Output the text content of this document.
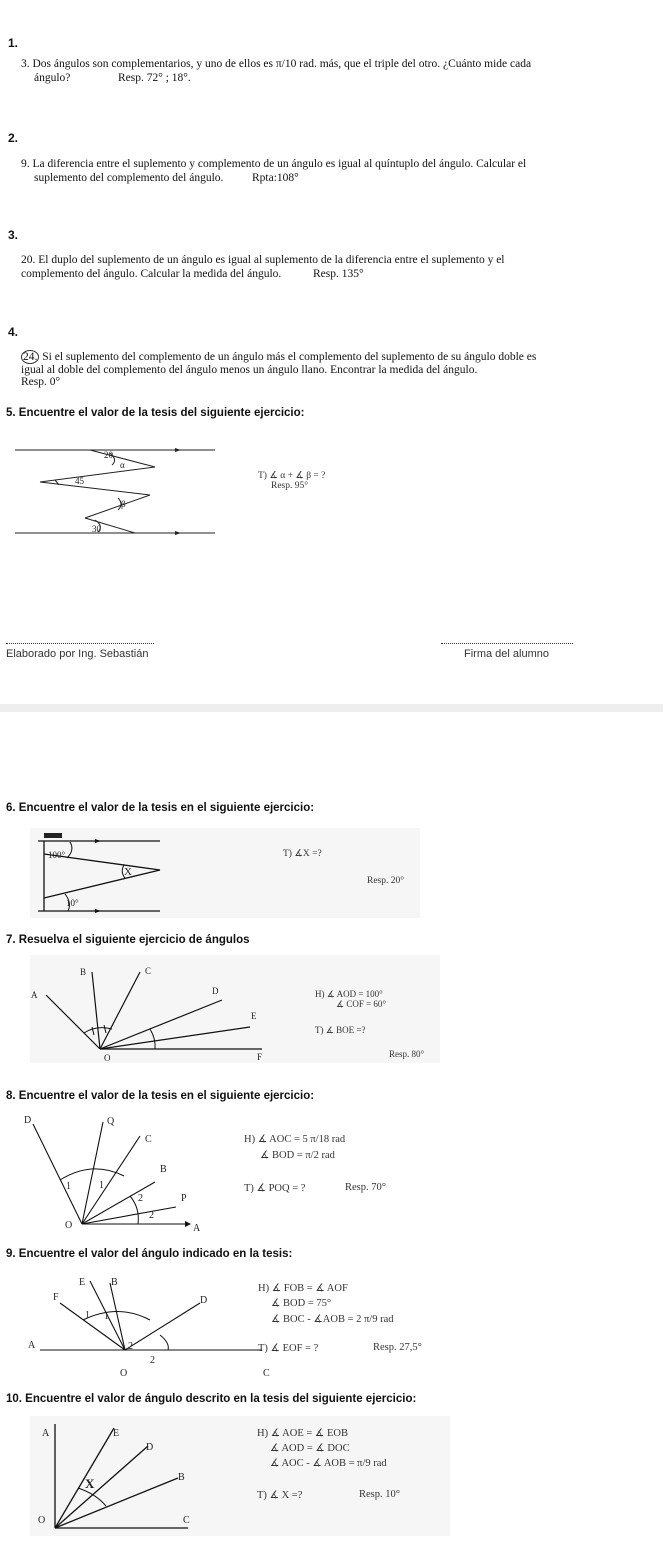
1.
3. Dos ángulos son complementarios, y uno de ellos es π/10 rad. más, que el triple del otro. ¿Cuánto mide cada
ángulo?	Resp. 72° ; 18°.
2.
9. La diferencia entre el suplemento y complemento de un ángulo es igual al quíntuplo del ángulo. Calcular el
suplemento del complemento del ángulo. Rpta:108°
3.
20. El duplo del suplemento de un ángulo es igual al suplemento de la diferencia entre el suplemento y el
complemento del ángulo. Calcular la medida del ángulo.	Resp. 135°
4.
24. Si el suplemento del complemento de un ángulo más el complemento del suplemento de su ángulo doble es
igual al doble del complemento del ángulo menos un ángulo llano. Encontrar la medida del ángulo.
Resp. 0°
5. Encuentre el valor de la tesis del siguiente ejercicio:
20
α
45
β
30
T) ∡ α + ∡ β = ?
Resp. 95°
Elaborado por Ing. Sebastián	Firma del alumno
6. Encuentre el valor de la tesis en el siguiente ejercicio:
100°
X
10°
T) ∡X =?
Resp. 20°
7. Resuelva el siguiente ejercicio de ángulos
A
B	C
D
E
F
O
H) ∡ AOD = 100°
∡ COF = 60°
T) ∡ BOE =?
Resp. 80°
8. Encuentre el valor de la tesis en el siguiente ejercicio:
D	Q
C
B
P
O	A
1	1
2
2
H) ∡ AOC = 5 π/18 rad
∡ BOD = π/2 rad
T) ∡ POQ = ?	Resp. 70°
9. Encuentre el valor del ángulo indicado en la tesis:
E	B
F	D
A
O	C
1 1
2
2
H) ∡ FOB = ∡ AOF
∡ BOD = 75°
∡ BOC - ∡AOB = 2 π/9 rad
T) ∡ EOF = ?	Resp. 27,5°
10. Encuentre el valor de ángulo descrito en la tesis del siguiente ejercicio:
A	E
D
B
O	C
X
H) ∡ AOE = ∡ EOB
∡ AOD = ∡ DOC
∡ AOC - ∡ AOB = π/9 rad
T) ∡ X =?	Resp. 10°
